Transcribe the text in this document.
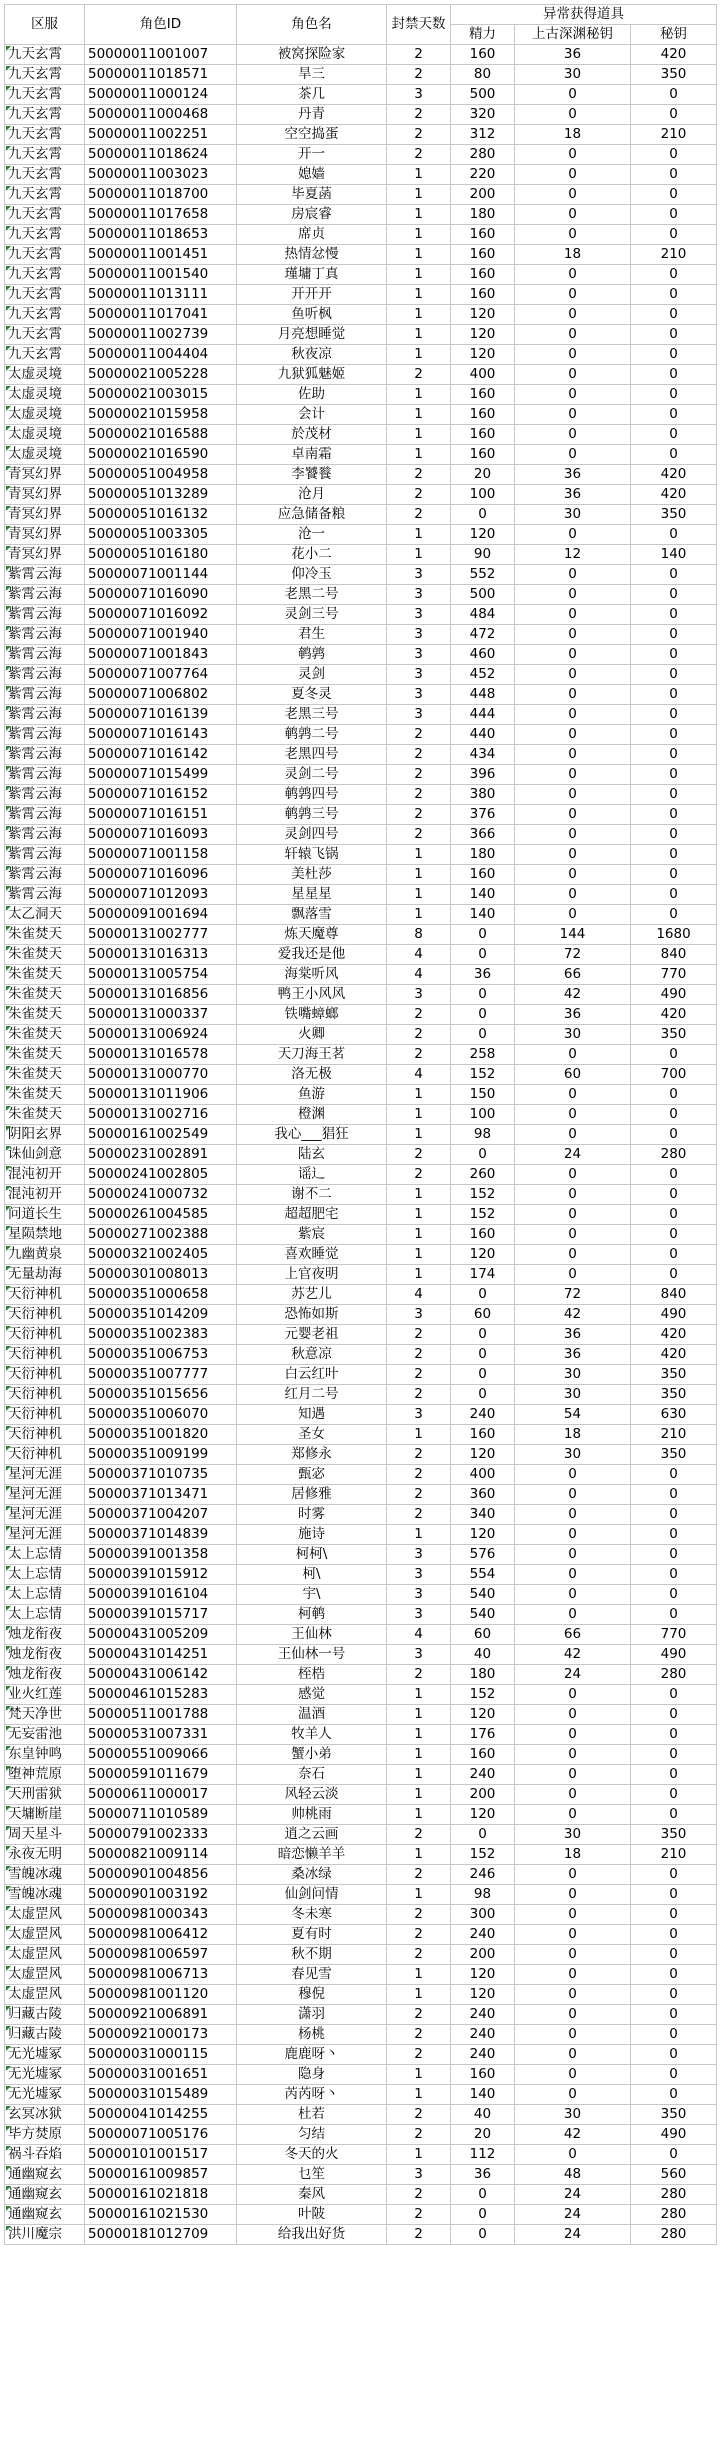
区服	角色ID	角色名	封禁天数	异常获得道具		
				精力	上古深渊秘钥	秘钥
九天玄霄	50000011001007	被窝探险家	2	160	36	420
九天玄霄	50000011018571	旱三	2	80	30	350
九天玄霄	50000011000124	茶几	3	500	0	0
九天玄霄	50000011000468	丹青	2	320	0	0
九天玄霄	50000011002251	空空捣蛋	2	312	18	210
九天玄霄	50000011018624	开一	2	280	0	0
九天玄霄	50000011003023	媳嫱	1	220	0	0
九天玄霄	50000011018700	毕夏菡	1	200	0	0
九天玄霄	50000011017658	房宸睿	1	180	0	0
九天玄霄	50000011018653	席贞	1	160	0	0
九天玄霄	50000011001451	热情忿慢	1	160	18	210
九天玄霄	50000011001540	瑾墉丁真	1	160	0	0
九天玄霄	50000011013111	开开开	1	160	0	0
九天玄霄	50000011017041	鱼听枫	1	120	0	0
九天玄霄	50000011002739	月亮想睡觉	1	120	0	0
九天玄霄	50000011004404	秋夜凉	1	120	0	0
太虚灵境	50000021005228	九狱狐魅姬	2	400	0	0
太虚灵境	50000021003015	佐助	1	160	0	0
太虚灵境	50000021015958	会计	1	160	0	0
太虚灵境	50000021016588	於茂材	1	160	0	0
太虚灵境	50000021016590	卓南霜	1	160	0	0
青冥幻界	50000051004958	李饕餮	2	20	36	420
青冥幻界	50000051013289	沧月	2	100	36	420
青冥幻界	50000051016132	应急储备粮	2	0	30	350
青冥幻界	50000051003305	沧一	1	120	0	0
青冥幻界	50000051016180	花小二	1	90	12	140
紫霄云海	50000071001144	仰冷玉	3	552	0	0
紫霄云海	50000071016090	老黑二号	3	500	0	0
紫霄云海	50000071016092	灵剑三号	3	484	0	0
紫霄云海	50000071001940	君生	3	472	0	0
紫霄云海	50000071001843	鹌鹑	3	460	0	0
紫霄云海	50000071007764	灵剑	3	452	0	0
紫霄云海	50000071006802	夏冬灵	3	448	0	0
紫霄云海	50000071016139	老黑三号	3	444	0	0
紫霄云海	50000071016143	鹌鹑二号	2	440	0	0
紫霄云海	50000071016142	老黑四号	2	434	0	0
紫霄云海	50000071015499	灵剑二号	2	396	0	0
紫霄云海	50000071016152	鹌鹑四号	2	380	0	0
紫霄云海	50000071016151	鹌鹑三号	2	376	0	0
紫霄云海	50000071016093	灵剑四号	2	366	0	0
紫霄云海	50000071001158	轩辕飞锅	1	180	0	0
紫霄云海	50000071016096	美杜莎	1	160	0	0
紫霄云海	50000071012093	星星星	1	140	0	0
太乙洞天	50000091001694	飘落雪	1	140	0	0
朱雀焚天	50000131002777	炼天魔尊	8	0	144	1680
朱雀焚天	50000131016313	爱我还是他	4	0	72	840
朱雀焚天	50000131005754	海棠听风	4	36	66	770
朱雀焚天	50000131016856	鸭王小风风	3	0	42	490
朱雀焚天	50000131000337	铁嘴蟑螂	2	0	36	420
朱雀焚天	50000131006924	火卿	2	0	30	350
朱雀焚天	50000131016578	天刀海王茗	2	258	0	0
朱雀焚天	50000131000770	洛无极	4	152	60	700
朱雀焚天	50000131011906	鱼游	1	150	0	0
朱雀焚天	50000131002716	橙渊	1	100	0	0
阴阳玄界	50000161002549	我心___猖狂	1	98	0	0
诛仙剑意	50000231002891	陆玄	2	0	24	280
混沌初开	50000241002805	谣辶	2	260	0	0
混沌初开	50000241000732	谢不二	1	152	0	0
问道长生	50000261004585	超超肥宅	1	152	0	0
星陨禁地	50000271002388	紫宸	1	160	0	0
九幽黄泉	50000321002405	喜欢睡觉	1	120	0	0
无量劫海	50000301008013	上官夜明	1	174	0	0
天衍神机	50000351000658	苏艺儿	4	0	72	840
天衍神机	50000351014209	恐怖如斯	3	60	42	490
天衍神机	50000351002383	元婴老祖	2	0	36	420
天衍神机	50000351006753	秋意凉	2	0	36	420
天衍神机	50000351007777	白云红叶	2	0	30	350
天衍神机	50000351015656	红月二号	2	0	30	350
天衍神机	50000351006070	知遇	3	240	54	630
天衍神机	50000351001820	圣女	1	160	18	210
天衍神机	50000351009199	郑修永	2	120	30	350
星河无涯	50000371010735	甄宓	2	400	0	0
星河无涯	50000371013471	居修雅	2	360	0	0
星河无涯	50000371004207	时雾	2	340	0	0
星河无涯	50000371014839	施诗	1	120	0	0
太上忘情	50000391001358	柯柯\	3	576	0	0
太上忘情	50000391015912	柯\	3	554	0	0
太上忘情	50000391016104	宇\	3	540	0	0
太上忘情	50000391015717	柯鹌	3	540	0	0
烛龙衔夜	50000431005209	王仙林	4	60	66	770
烛龙衔夜	50000431014251	王仙林一号	3	40	42	490
烛龙衔夜	50000431006142	桎梏	2	180	24	280
业火红莲	50000461015283	感觉	1	152	0	0
梵天净世	50000511001788	温酒	1	120	0	0
无妄雷池	50000531007331	牧羊人	1	176	0	0
东皇钟鸣	50000551009066	蟹小弟	1	160	0	0
堕神荒原	50000591011679	奈石	1	240	0	0
天刑雷狱	50000611000017	风轻云淡	1	200	0	0
天墉断崖	50000711010589	帅桃雨	1	120	0	0
周天星斗	50000791002333	逍之云画	2	0	30	350
永夜无明	50000821009114	暗恋懒羊羊	1	152	18	210
雪魄冰魂	50000901004856	桑冰绿	2	246	0	0
雪魄冰魂	50000901003192	仙剑问情	1	98	0	0
太虚罡风	50000981000343	冬未寒	2	300	0	0
太虚罡风	50000981006412	夏有时	2	240	0	0
太虚罡风	50000981006597	秋不期	2	200	0	0
太虚罡风	50000981006713	春见雪	1	120	0	0
太虚罡风	50000981001120	穆倪	1	120	0	0
归藏古陵	50000921006891	潇羽	2	240	0	0
归藏古陵	50000921000173	杨桃	2	240	0	0
无光墟冢	50000031000115	鹿鹿呀丶	2	240	0	0
无光墟冢	50000031001651	隐身	1	160	0	0
无光墟冢	50000031015489	芮芮呀丶	1	140	0	0
玄冥冰狱	50000041014255	杜若	2	40	30	350
毕方焚原	50000071005176	匀结	2	20	42	490
祸斗吞焰	50000101001517	冬天的火	1	112	0	0
通幽窥玄	50000161009857	乜笙	3	36	48	560
通幽窥玄	50000161021818	秦风	2	0	24	280
通幽窥玄	50000161021530	叶陂	2	0	24	280
洪川魔宗	50000181012709	给我出好货	2	0	24	280
